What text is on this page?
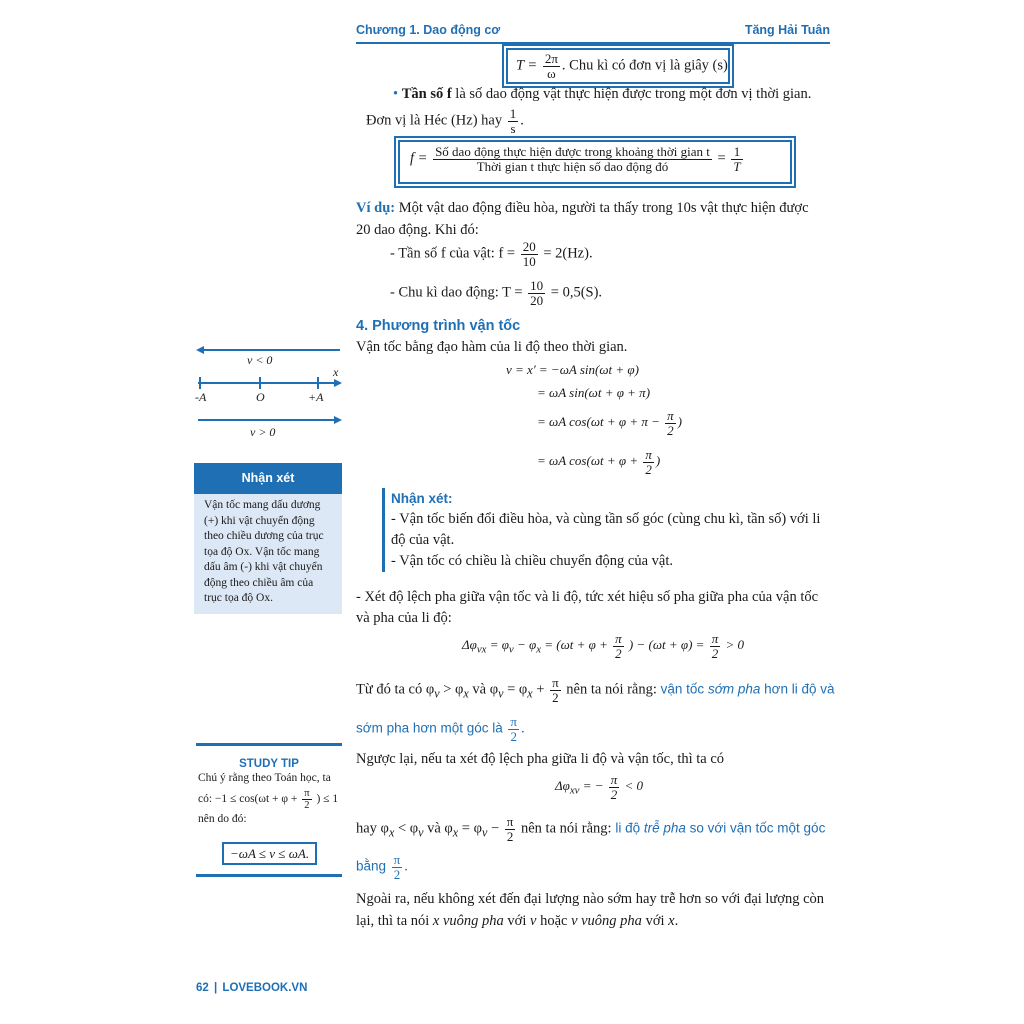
Chương 1. Dao động cơ	Tăng Hải Tuân
$T = \frac{2\pi}{\omega}$ . Chu kì có đơn vị là giây (s)
• Tần số f là số dao động vật thực hiện được trong một đơn vị thời gian.
Đơn vị là Héc (Hz) hay $\frac{1}{s}$ .
$f = \frac{\text{Số dao động thực hiện được trong khoảng thời gian t}}{\text{Thời gian t thực hiện số dao động đó}} = \frac{1}{T}$
Ví dụ: Một vật dao động điều hòa, người ta thấy trong 10s vật thực hiện được
20 dao động. Khi đó:
- Tần số f của vật: $f = \frac{20}{10} = 2(Hz)$.
- Chu kì dao động: $T = \frac{10}{20} = 0,5(S)$.
4. Phương trình vận tốc
Vận tốc bằng đạo hàm của li độ theo thời gian.
v = x′ = −ωA sin(ωt + φ)
= ωA sin(ωt + φ + π)
= ωA $\cos(\omega t + \varphi + \pi - \frac{\pi}{2}$ )
= ωA $\cos(\omega t + \varphi + \frac{\pi}{2}$ )
Nhận xét:
- Vận tốc biến đổi điều hòa, và cùng tần số góc (cùng chu kì, tần số) với li
độ của vật.
- Vận tốc có chiều là chiều chuyển động của vật.
- Xét độ lệch pha giữa vận tốc và li độ, tức xét hiệu số pha giữa pha của vận tốc
và pha của li độ:
$\Delta\varphi_{vx} = \varphi_v - \varphi_x = (\omega t + \varphi + \frac{\pi}{2}$ ) − $(\omega t + \varphi) = \frac{\pi}{2} > 0$
Từ đó ta có $\varphi_v > \varphi_x$ và $\varphi_v = \varphi_x + \frac{\pi}{2}$ nên ta nói rằng: vận tốc sớm pha hơn li độ và
sớm pha hơn một góc là $\frac{\pi}{2}$ .
Ngược lại, nếu ta xét độ lệch pha giữa li độ và vận tốc, thì ta có
$\Delta\varphi_{xv}$ = − $\frac{\pi}{2} < 0$
hay $\varphi_x < \varphi_v$ và $\varphi_x = \varphi_v - \frac{\pi}{2}$ nên ta nói rằng: li độ trễ pha so với vận tốc một góc
bằng $\frac{\pi}{2}$ .
Ngoài ra, nếu không xét đến đại lượng nào sớm hay trễ hơn so với đại lượng còn
lại, thì ta nói x vuông pha với v hoặc v vuông pha với x.
v < 0
x
-A	O	+A
v > 0
Nhận xét
Vận tốc mang dấu dương
(+) khi vật chuyển động
theo chiều dương của trục
tọa độ Ox. Vận tốc mang
dấu âm (-) khi vật chuyển
động theo chiều âm của
trục tọa độ Ox.
STUDY TIP
Chú ý rằng theo Toán học, ta
có: $-1 \le \cos(\omega t + \varphi + \frac{\pi}{2}$ ) ≤ 1
nên do đó:
−ωA ≤ v ≤ ωA.
62 | LOVEBOOK.VN
